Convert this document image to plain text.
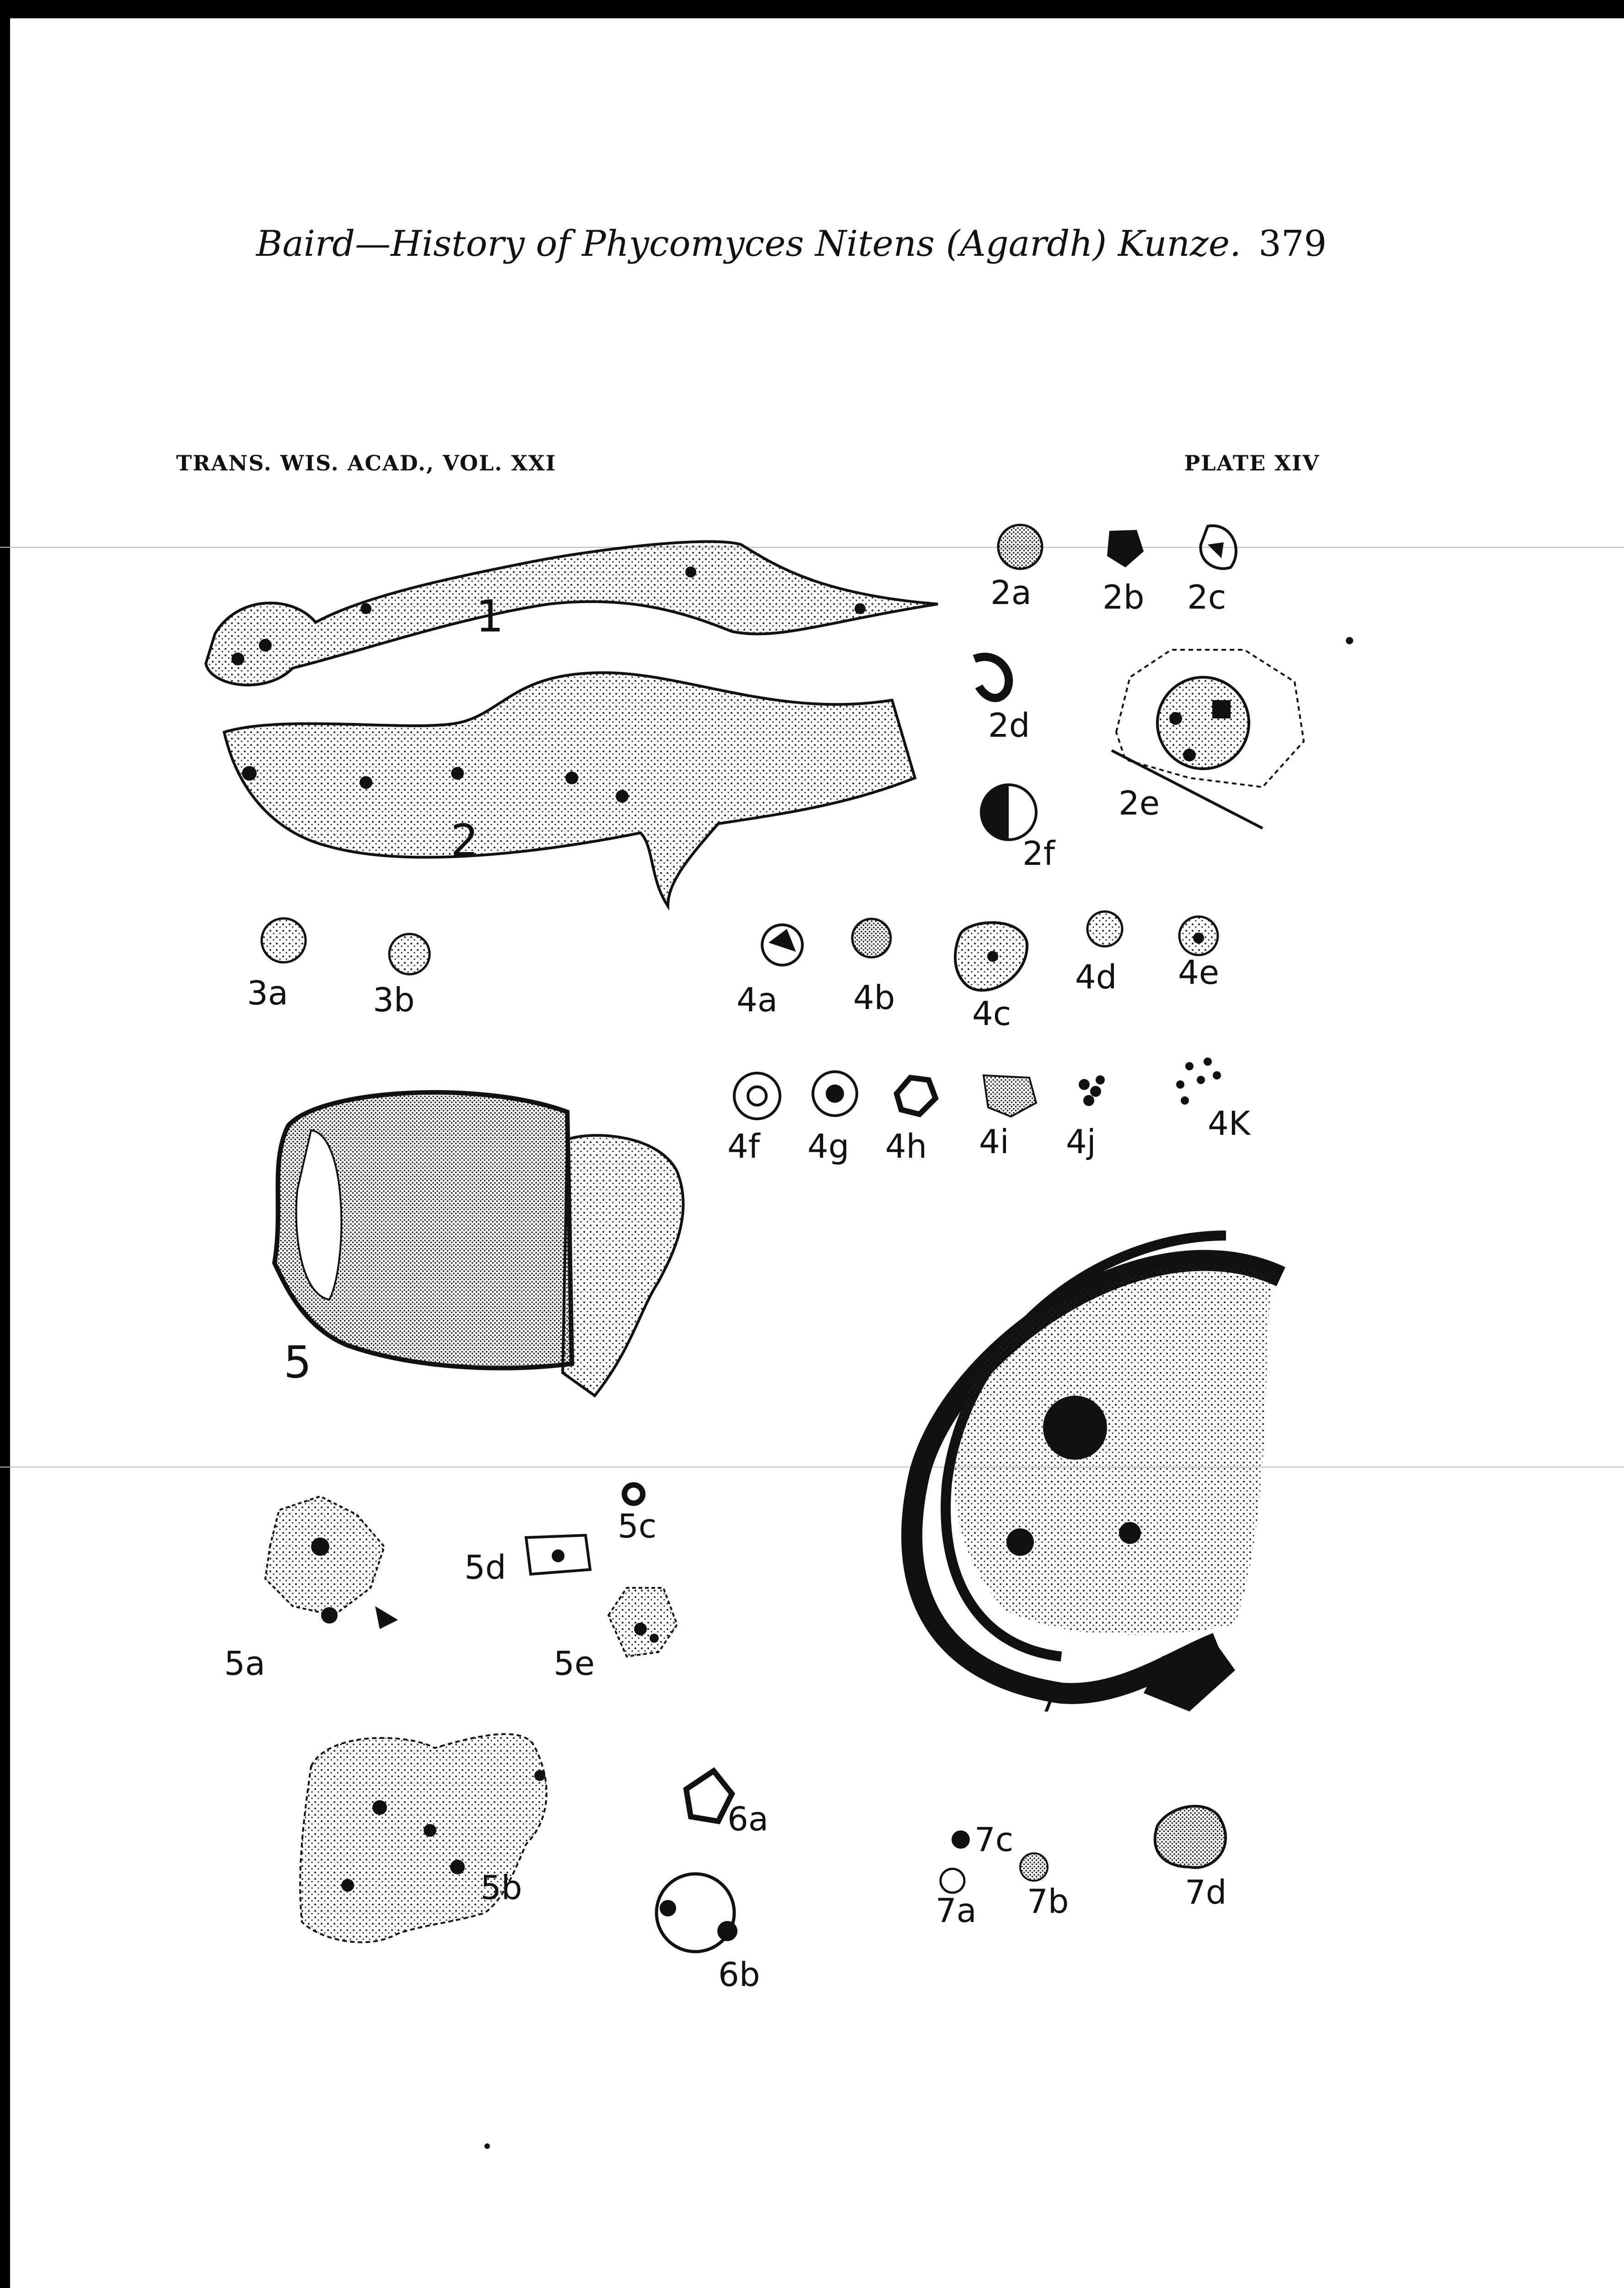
Baird—History of Phycomyces Nitens (Agardh) Kunze. 379
TRANS. WIS. ACAD., VOL. XXI	PLATE XIV
1
2
2a 2b 2c
2d
2e
2f
3a	3b	4a 4b 4c
4d 4e
4f 4g 4h 4i 4j	4K
5
5a
5b
5c
5d
5e
6a
6b
7
7a 7b
7c
7d
